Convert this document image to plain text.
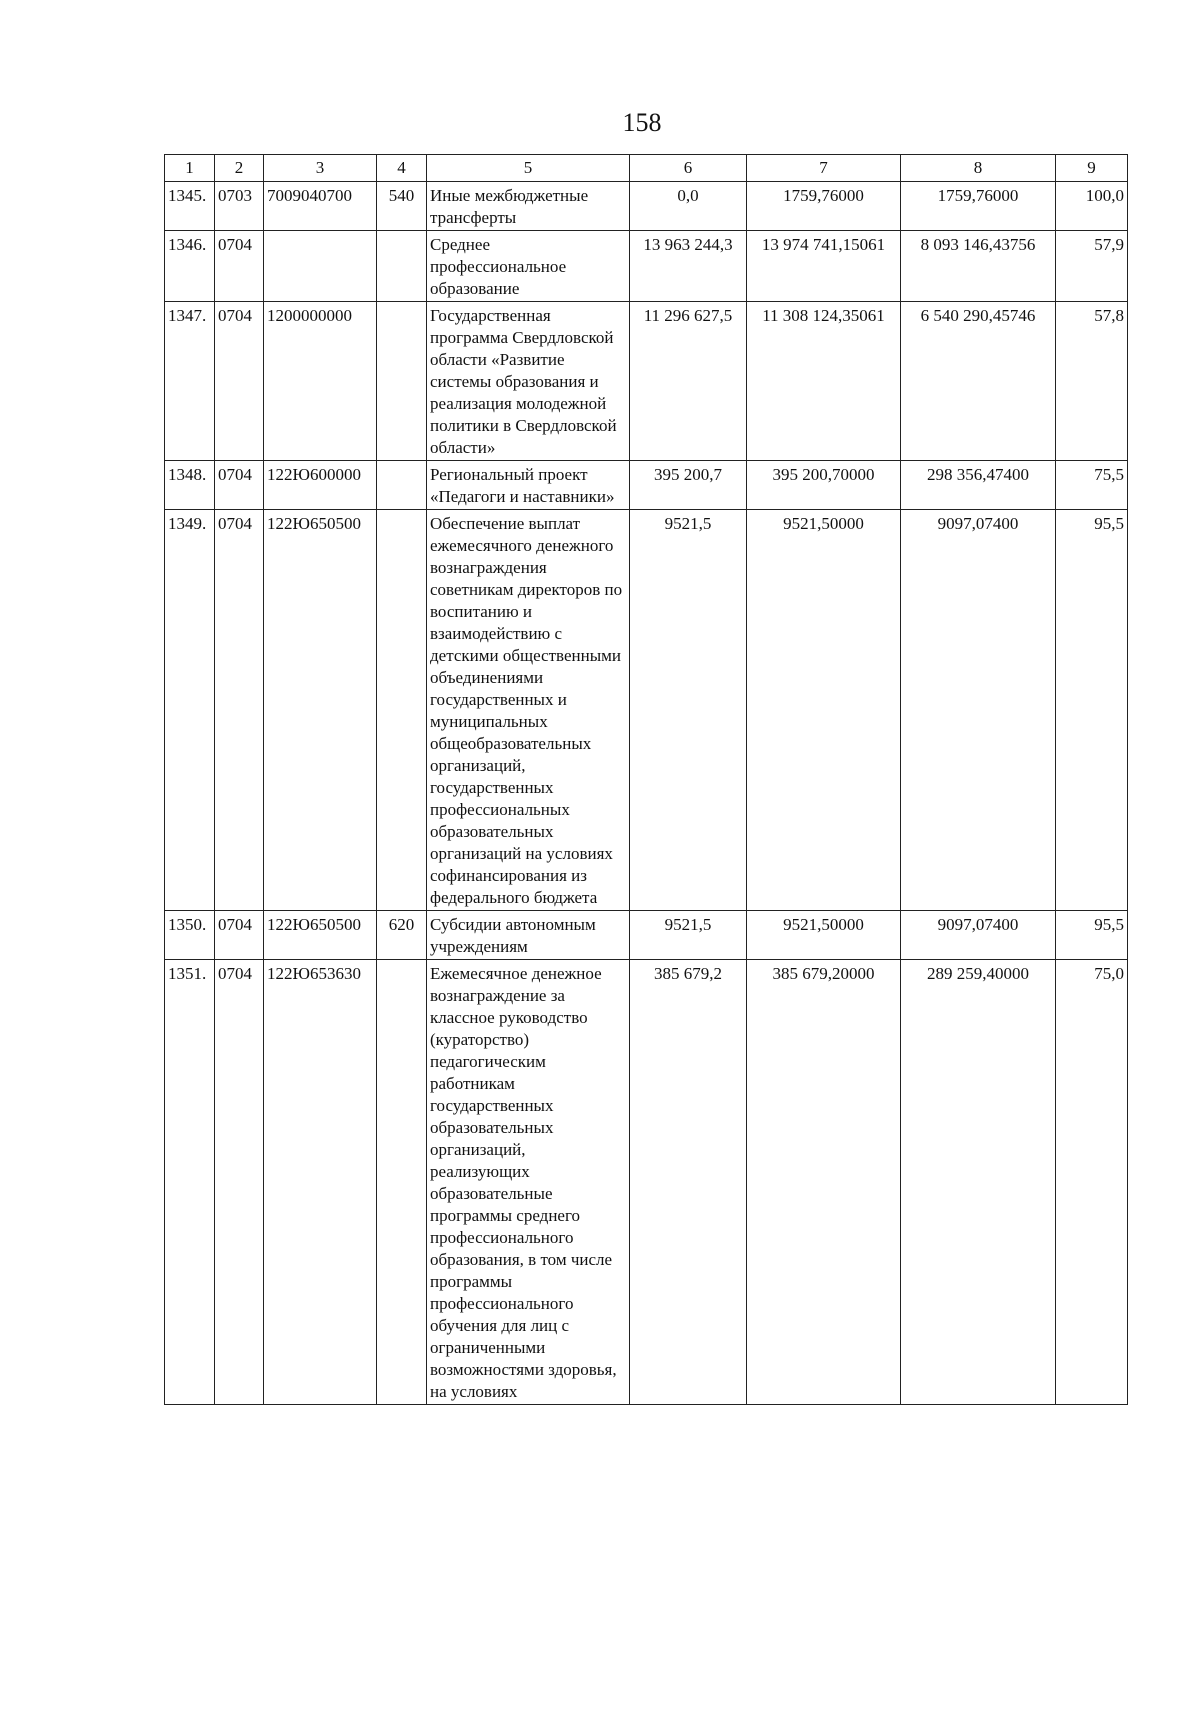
158
1	2	3	4	5	6	7	8	9
1345.	0703	7009040700	540	Иные межбюджетные трансферты	0,0	1759,76000	1759,76000	100,0
1346.	0704			Среднее профессиональное образование	13 963 244,3	13 974 741,15061	8 093 146,43756	57,9
1347.	0704	1200000000		Государственная программа Свердловской области «Развитие системы образования и реализация молодежной политики в Свердловской области»	11 296 627,5	11 308 124,35061	6 540 290,45746	57,8
1348.	0704	122Ю600000		Региональный проект «Педагоги и наставники»	395 200,7	395 200,70000	298 356,47400	75,5
1349.	0704	122Ю650500		Обеспечение выплат ежемесячного денежного вознаграждения советникам директоров по воспитанию и взаимодействию с детскими общественными объединениями государственных и муниципальных общеобразовательных организаций, государственных профессиональных образовательных организаций на условиях софинансирования из федерального бюджета	9521,5	9521,50000	9097,07400	95,5
1350.	0704	122Ю650500	620	Субсидии автономным учреждениям	9521,5	9521,50000	9097,07400	95,5
1351.	0704	122Ю653630		Ежемесячное денежное вознаграждение за классное руководство (кураторство) педагогическим работникам государственных образовательных организаций, реализующих образовательные программы среднего профессионального образования, в том числе программы профессионального обучения для лиц с ограниченными возможностями здоровья, на условиях	385 679,2	385 679,20000	289 259,40000	75,0
